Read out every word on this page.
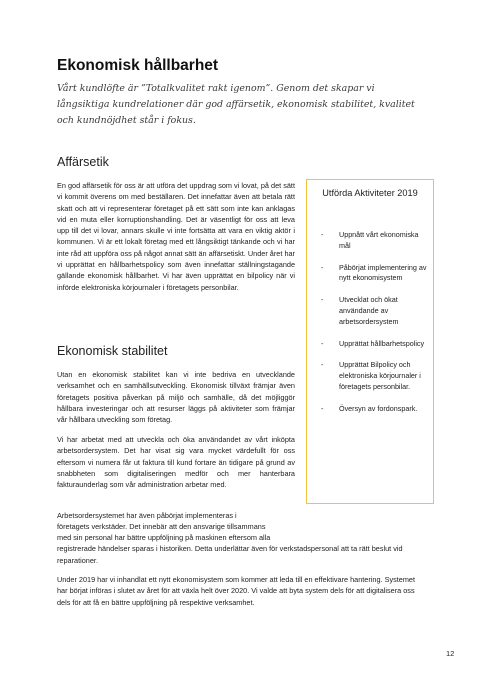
Ekonomisk hållbarhet

Vårt kundlöfte är ”Totalkvalitet rakt igenom”. Genom det skapar vi långsiktiga kundrelationer där god affärsetik, ekonomisk stabilitet, kvalitet och kundnöjdhet står i fokus.

Affärsetik

En god affärsetik för oss är att utföra det uppdrag som vi lovat, på det sätt vi kommit överens om med beställaren. Det innefattar även att betala rätt skatt och att vi representerar företaget på ett sätt som inte kan anklagas vid en muta eller korruptionshandling. Det är väsentligt för oss att leva upp till det vi lovar, annars skulle vi inte fortsätta att vara en viktig aktör i kommunen. Vi är ett lokalt företag med ett långsiktigt tänkande och vi har inte råd att uppföra oss på något annat sätt än affärsetiskt. Under året har vi upprättat en hållbarhetspolicy som även innefattar ställningstagande gällande ekonomisk hållbarhet. Vi har även upprättat en bilpolicy när vi införde elektroniska körjournaler i företagets personbilar.

Ekonomisk stabilitet

Utan en ekonomisk stabilitet kan vi inte bedriva en utvecklande verksamhet och en samhällsutveckling. Ekonomisk tillväxt främjar även företagets positiva påverkan på miljö och samhälle, då det möjliggör hållbara investeringar och att resurser läggs på aktiviteter som främjar vår hållbara utveckling som företag.

Vi har arbetat med att utveckla och öka användandet av vårt inköpta arbetsordersystem. Det har visat sig vara mycket värdefullt för oss eftersom vi numera får ut faktura till kund fortare än tidigare på grund av snabbheten som digitaliseringen medför och mer hanterbara fakturaunderlag som vår administration arbetar med.

Arbetsordersystemet har även påbörjat implementeras i
företagets verkstäder. Det innebär att den ansvarige tillsammans
med sin personal har bättre uppföljning på maskinen eftersom alla
registrerade händelser sparas i historiken. Detta underlättar även för verkstadspersonal att ta rätt beslut vid reparationer.

Under 2019 har vi inhandlat ett nytt ekonomisystem som kommer att leda till en effektivare hantering. Systemet har börjat införas i slutet av året för att växla helt över 2020. Vi valde att byta system dels för att digitalisera oss dels för att få en bättre uppföljning på respektive verksamhet.

Utförda Aktiviteter 2019

- Uppnått vårt ekonomiska mål
- Påbörjat implementering av nytt ekonomisystem
- Utvecklat och ökat användande av arbetsordersystem
- Upprättat hållbarhetspolicy
- Upprättat Bilpolicy och elektroniska körjournaler i företagets personbilar.
- Översyn av fordonspark.
12
